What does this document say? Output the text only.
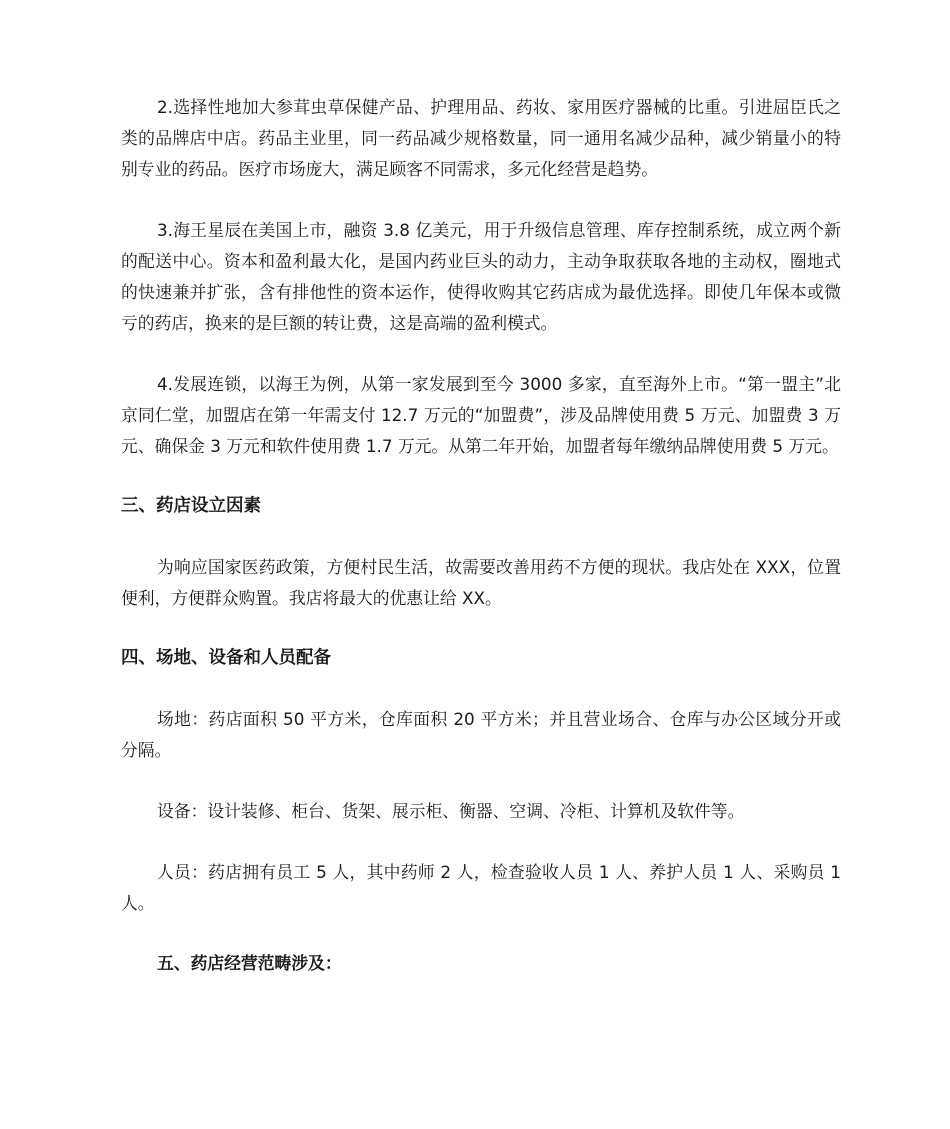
2.选择性地加大参茸虫草保健产品、护理用品、药妆、家用医疗器械的比重。引进屈臣氏之类的品牌店中店。药品主业里，同一药品减少规格数量，同一通用名减少品种，减少销量小的特别专业的药品。医疗市场庞大，满足顾客不同需求，多元化经营是趋势。

3.海王星辰在美国上市，融资 3.8 亿美元，用于升级信息管理、库存控制系统，成立两个新的配送中心。资本和盈利最大化，是国内药业巨头的动力，主动争取获取各地的主动权，圈地式的快速兼并扩张，含有排他性的资本运作，使得收购其它药店成为最优选择。即使几年保本或微亏的药店，换来的是巨额的转让费，这是高端的盈利模式。

4.发展连锁，以海王为例，从第一家发展到至今 3000 多家，直至海外上市。“第一盟主”北京同仁堂，加盟店在第一年需支付 12.7 万元的“加盟费”，涉及品牌使用费 5 万元、加盟费 3 万元、确保金 3 万元和软件使用费 1.7 万元。从第二年开始，加盟者每年缴纳品牌使用费 5 万元。

三、药店设立因素

为响应国家医药政策，方便村民生活，故需要改善用药不方便的现状。我店处在 XXX，位置便利，方便群众购置。我店将最大的优惠让给 XX。

四、场地、设备和人员配备

场地：药店面积 50 平方米，仓库面积 20 平方米；并且营业场合、仓库与办公区域分开或分隔。

设备：设计装修、柜台、货架、展示柜、衡器、空调、冷柜、计算机及软件等。

人员：药店拥有员工 5 人，其中药师 2 人，检查验收人员 1 人、养护人员 1 人、采购员 1 人。

五、药店经营范畴涉及：
